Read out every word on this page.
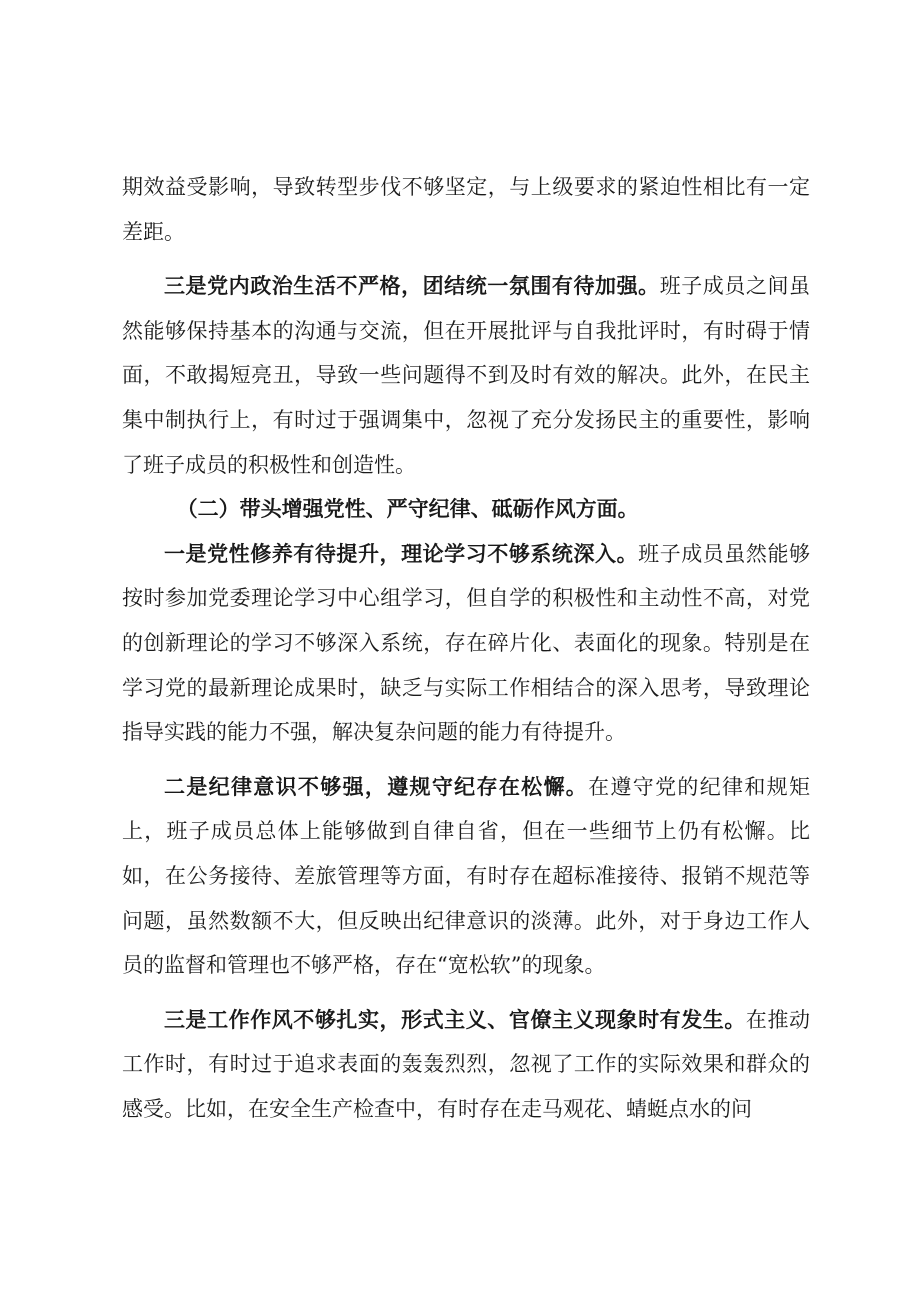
期效益受影响，导致转型步伐不够坚定，与上级要求的紧迫性相比有一定差距。

三是党内政治生活不严格，团结统一氛围有待加强。班子成员之间虽然能够保持基本的沟通与交流，但在开展批评与自我批评时，有时碍于情面，不敢揭短亮丑，导致一些问题得不到及时有效的解决。此外，在民主集中制执行上，有时过于强调集中，忽视了充分发扬民主的重要性，影响了班子成员的积极性和创造性。

（二）带头增强党性、严守纪律、砥砺作风方面。

一是党性修养有待提升，理论学习不够系统深入。班子成员虽然能够按时参加党委理论学习中心组学习，但自学的积极性和主动性不高，对党的创新理论的学习不够深入系统，存在碎片化、表面化的现象。特别是在学习党的最新理论成果时，缺乏与实际工作相结合的深入思考，导致理论指导实践的能力不强，解决复杂问题的能力有待提升。

二是纪律意识不够强，遵规守纪存在松懈。在遵守党的纪律和规矩上，班子成员总体上能够做到自律自省，但在一些细节上仍有松懈。比如，在公务接待、差旅管理等方面，有时存在超标准接待、报销不规范等问题，虽然数额不大，但反映出纪律意识的淡薄。此外，对于身边工作人员的监督和管理也不够严格，存在“宽松软”的现象。

三是工作作风不够扎实，形式主义、官僚主义现象时有发生。在推动工作时，有时过于追求表面的轰轰烈烈，忽视了工作的实际效果和群众的感受。比如，在安全生产检查中，有时存在走马观花、蜻蜓点水的问
